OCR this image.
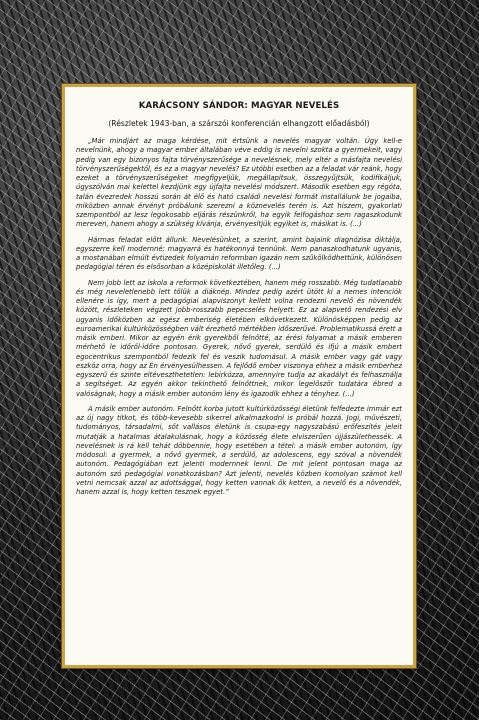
KARÁCSONY SÁNDOR: MAGYAR NEVELÉS
(Részletek 1943-ban, a szárszói konferencián elhangzott előadásból)

„Már mindjárt az maga kérdése, mit értsünk a nevelés magyar voltán. Úgy kell-e nevelnünk, ahogy a magyar ember általában véve eddig is nevelni szokta a gyermekeit, vagy pedig van egy bizonyos fajta törvényszerűsége a nevelésnek, mely eltér a másfajta nevelési törvényszerűségektől, és ez a magyar nevelés? Ez utóbbi esetben az a feladat vár reánk, hogy ezeket a törvényszerűségeket megfigyeljük, megállapítsuk, összegyűjtsük, kodifikáljuk, úgyszólván mai kelettel kezdjünk egy újfajta nevelési módszert. Második esetben egy régóta, talán évezredek hosszú során át élő és ható családi nevelési formát installálunk be jogaiba, miközben annak érvényt próbálunk szerezni a köznevelés terén is. Azt hiszem, gyakorlati szempontból az lesz legokosabb eljárás részünkről, ha egyik felfogáshoz sem ragaszkodunk mereven, hanem ahogy a szükség kívánja, érvényesítjük egyiket is, másikat is. (...)

Hármas feladat előtt állunk. Nevelésünket, a szerint, amint bajaink diagnózisa diktálja, egyszerre kell modernné; magyarrá és hatékonnyá tennünk. Nem panaszkodhatunk ugyanis, a mostanában elmúlt évtizedek folyamán reformban igazán nem szűkölködhettünk, különösen pedagógiai téren és elsősorban a középiskolát illetőleg. (...)

Nem jobb lett az iskola a reformok következtében, hanem még rosszabb. Még tudatlanabb és még neveletlenebb lett tőlük a diáknép. Mindez pedig azért ütött ki a nemes intenciók ellenére is így, mert a pedagógiai alapviszonyt kellett volna rendezni nevelő és növendék között, részleteken végzett jobb-rosszabb pepecselés helyett. Ez az alapvető rendezési elv ugyanis időközben az egész emberiség életében elkövetkezett. Különösképpen pedig az euroamerikai kultúrközösségben vált érezhető mértékben időszerűvé. Problematikussá érett a másik emberi. Mikor az egyén érik gyerekből felnőtté, az érési folyamat a másik emberen mérhető le időről-időre pontosan. Gyerek, nővő gyerek, serdülő és ifjú a másik embert egocentrikus szempontból fedezik fel és veszik tudomásul. A másik ember vagy gát vagy eszköz orra, hogy az Én érvényesülhessen. A fejlődő ember viszonya ehhez a másik emberhez egyszerű és szinte eltéveszthetetlen: lebírkózza, amennyire tudja az akadályt és felhasználja a segítséget. Az egyén akkor tekinthető felnőttnek, mikor legelőször tudatára ébred a valóságnak, hogy a másik ember autonóm lény és igazodik ehhez a tényhez. (...)

A másik ember autonóm. Felnőtt korba jutott kultúrközösségi életünk felfedezte immár ezt az új nagy titkot, és több-kevesebb sikerrel alkalmazkodni is próbál hozzá. Jogi, művészeti, tudományos, társadalmi, sőt vallásos életünk is csupa-egy nagyszabású erőfeszítés jeleit mutatják a hatalmas átalakulásnak, hogy a közösség élete elviszerűen újjászülethessék. A nevelésnek is rá kell tehát döbbennie, hogy esetében a tétel: a másik ember autonóm, így módosul: a gyermek, a nővő gyermek, a serdülő, az adolescens, egy szóval a növendék autonóm. Pedagógiában ezt jelenti modernnek lenni. De mit jelent pontosan maga az autonóm szó pedagógiai vonatkozásban? Azt jelenti, nevelés közben komolyan számot kell vetni nemcsak azzal az adottsággal, hogy ketten vannak ők ketten, a nevelő és a növendék, hanem azzal is, hogy ketten tesznek egyet.”
